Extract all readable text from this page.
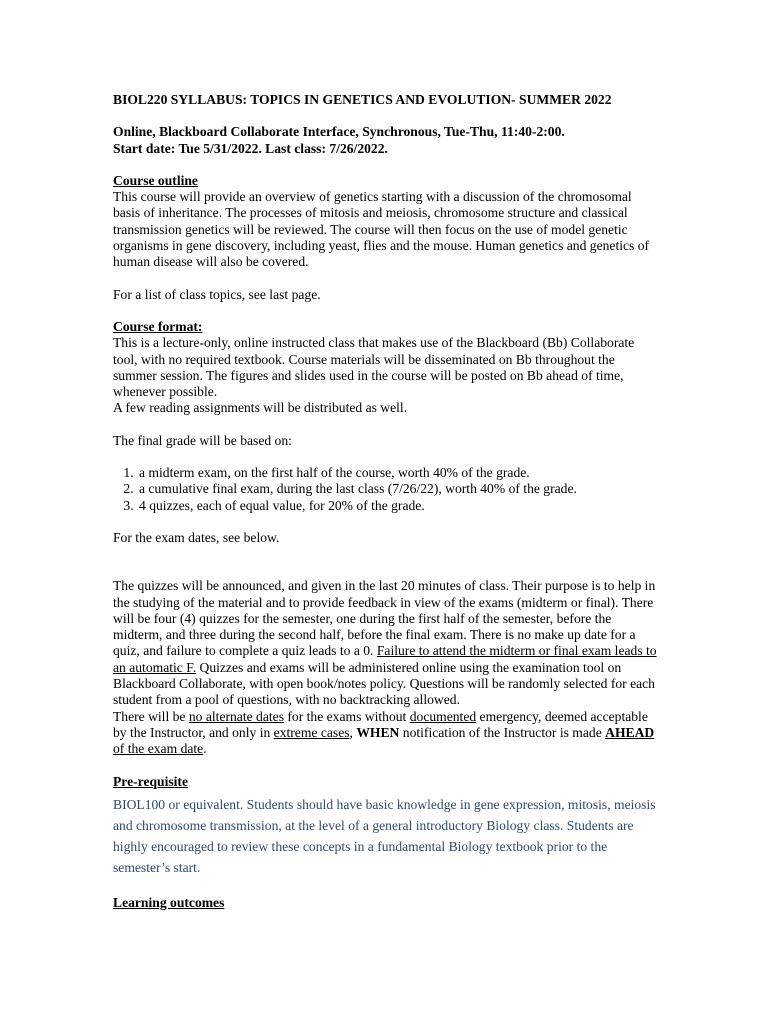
BIOL220 SYLLABUS: TOPICS IN GENETICS AND EVOLUTION- SUMMER 2022

Online, Blackboard Collaborate Interface, Synchronous, Tue-Thu, 11:40-2:00.

Start date: Tue 5/31/2022. Last class: 7/26/2022.

Course outline

This course will provide an overview of genetics starting with a discussion of the chromosomal basis of inheritance. The processes of mitosis and meiosis, chromosome structure and classical transmission genetics will be reviewed. The course will then focus on the use of model genetic organisms in gene discovery, including yeast, flies and the mouse. Human genetics and genetics of human disease will also be covered.

For a list of class topics, see last page.

Course format:

This is a lecture-only, online instructed class that makes use of the Blackboard (Bb) Collaborate tool, with no required textbook. Course materials will be disseminated on Bb throughout the summer session. The figures and slides used in the course will be posted on Bb ahead of time, whenever possible.

A few reading assignments will be distributed as well.

The final grade will be based on:

1. a midterm exam, on the first half of the course, worth 40% of the grade.
2. a cumulative final exam, during the last class (7/26/22), worth 40% of the grade.
3. 4 quizzes, each of equal value, for 20% of the grade.

For the exam dates, see below.

The quizzes will be announced, and given in the last 20 minutes of class. Their purpose is to help in the studying of the material and to provide feedback in view of the exams (midterm or final). There will be four (4) quizzes for the semester, one during the first half of the semester, before the midterm, and three during the second half, before the final exam. There is no make up date for a quiz, and failure to complete a quiz leads to a 0. Failure to attend the midterm or final exam leads to an automatic F. Quizzes and exams will be administered online using the examination tool on Blackboard Collaborate, with open book/notes policy. Questions will be randomly selected for each student from a pool of questions, with no backtracking allowed.

There will be no alternate dates for the exams without documented emergency, deemed acceptable by the Instructor, and only in extreme cases, WHEN notification of the Instructor is made AHEAD of the exam date.

Pre-requisite

BIOL100 or equivalent. Students should have basic knowledge in gene expression, mitosis, meiosis and chromosome transmission, at the level of a general introductory Biology class. Students are highly encouraged to review these concepts in a fundamental Biology textbook prior to the semester’s start.

Learning outcomes
